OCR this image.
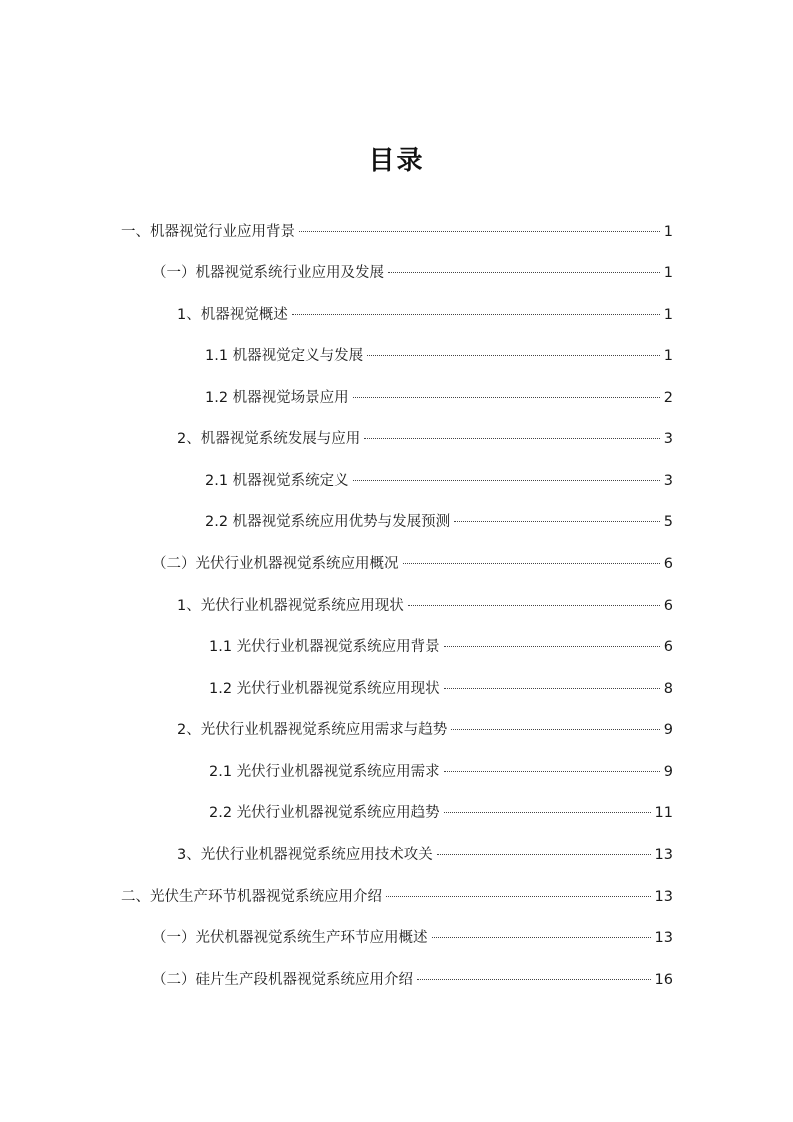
目录
一、机器视觉行业应用背景	1
（一）机器视觉系统行业应用及发展	1
1、机器视觉概述	1
1.1 机器视觉定义与发展	1
1.2 机器视觉场景应用	2
2、机器视觉系统发展与应用	3
2.1 机器视觉系统定义	3
2.2 机器视觉系统应用优势与发展预测	5
（二）光伏行业机器视觉系统应用概况	6
1、光伏行业机器视觉系统应用现状	6
1.1 光伏行业机器视觉系统应用背景	6
1.2 光伏行业机器视觉系统应用现状	8
2、光伏行业机器视觉系统应用需求与趋势	9
2.1 光伏行业机器视觉系统应用需求	9
2.2 光伏行业机器视觉系统应用趋势	11
3、光伏行业机器视觉系统应用技术攻关	13
二、光伏生产环节机器视觉系统应用介绍	13
（一）光伏机器视觉系统生产环节应用概述	13
（二）硅片生产段机器视觉系统应用介绍	16
